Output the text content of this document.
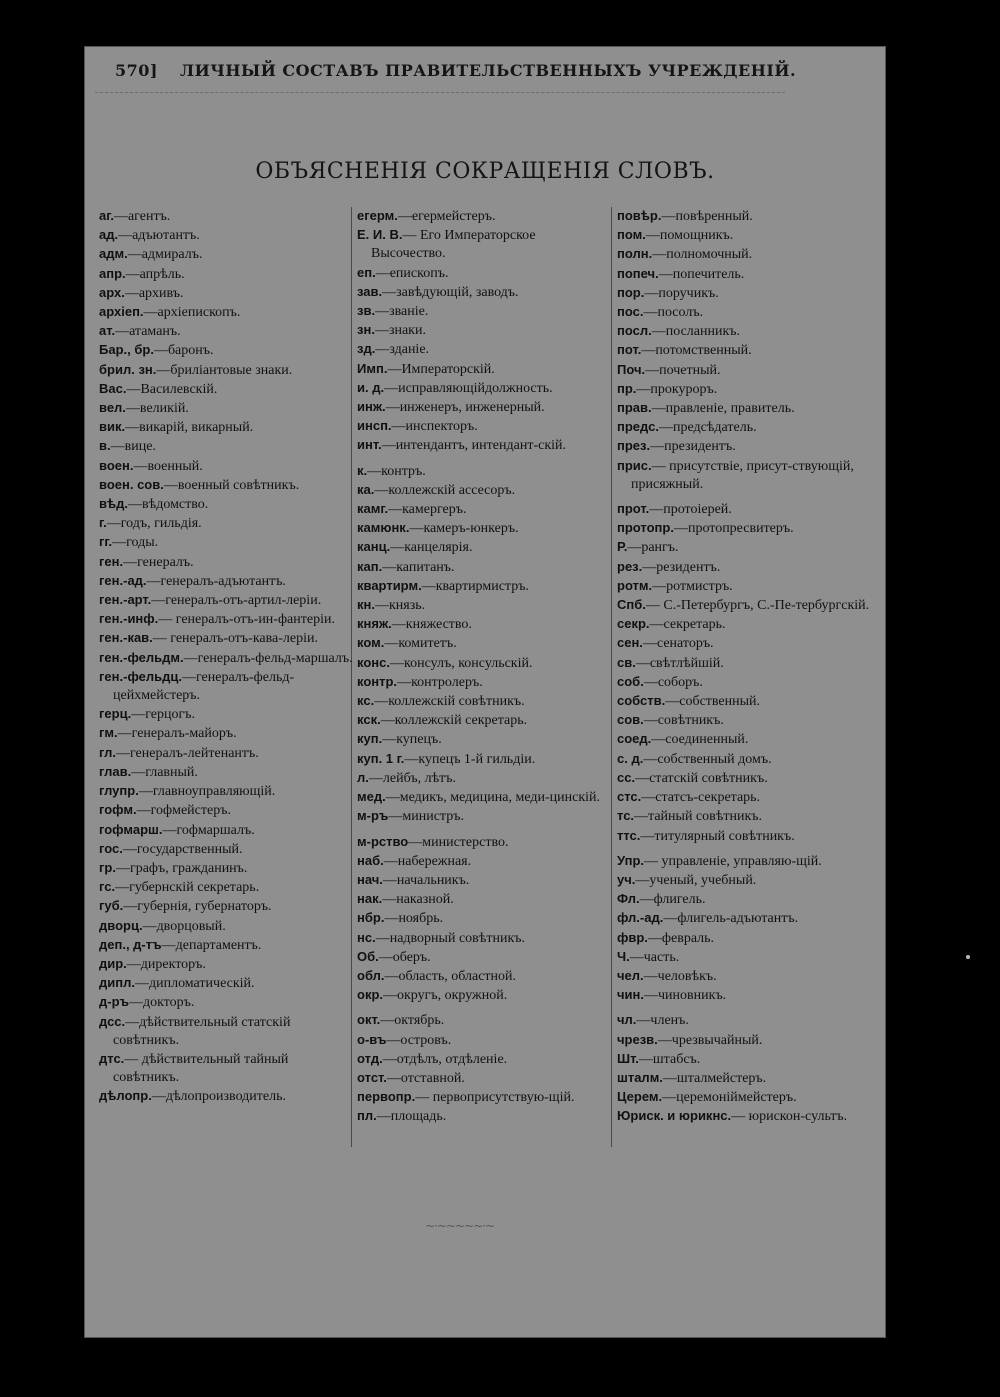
570] ЛИЧНЫЙ СОСТАВЪ ПРАВИТЕЛЬСТВЕННЫХЪ УЧРЕЖДЕНІЙ.
ОБЪЯСНЕНІЯ СОКРАЩЕНІЯ СЛОВЪ.
аг.—агентъ.
ад.—адъютантъ.
адм.—адмиралъ.
апр.—апрѣль.
арх.—архивъ.
архіеп.—архіепископъ.
ат.—атаманъ.
Бар., бр.—баронъ.
брил. зн.—бриліантовые знаки.
Вас.—Василевскій.
вел.—великій.
вик.—викарій, викарный.
в.—вице.
воен.—военный.
воен. сов.—военный совѣтникъ.
вѣд.—вѣдомство.
г.—годъ, гильдія.
гг.—годы.
ген.—генералъ.
ген.-ад.—генералъ-адъютантъ.
ген.-арт.—генералъ-отъ-артил-леріи.
ген.-инф.— генералъ-отъ-ин-фантеріи.
ген.-кав.— генералъ-отъ-кава-леріи.
ген.-фельдм.—генералъ-фельд-маршалъ.
ген.-фельдц.—генералъ-фельд-цейхмейстеръ.
герц.—герцогъ.
гм.—генералъ-майоръ.
гл.—генералъ-лейтенантъ.
глав.—главный.
глупр.—главноуправляющій.
гофм.—гофмейстеръ.
гофмарш.—гофмаршалъ.
гос.—государственный.
гр.—графъ, гражданинъ.
гс.—губернскій секретарь.
губ.—губернія, губернаторъ.
дворц.—дворцовый.
деп., д-тъ—департаментъ.
дир.—директоръ.
дипл.—дипломатическій.
д-ръ—докторъ.
дсс.—дѣйствительный статскій совѣтникъ.
дтс.— дѣйствительный тайный совѣтникъ.
дѣлопр.—дѣлопроизводитель.
егерм.—егермейстеръ.
Е. И. В.— Его Императорское Высочество.
еп.—епископъ.
зав.—завѣдующій, заводъ.
зв.—званіе.
зн.—знаки.
зд.—зданіе.
Имп.—Императорскій.
и. д.—исправляющійдолжность.
инж.—инженеръ, инженерный.
инсп.—инспекторъ.
инт.—интендантъ, интендант-скій.
к.—контръ.
ка.—коллежскій ассесоръ.
камг.—камергеръ.
камюнк.—камеръ-юнкеръ.
канц.—канцелярія.
кап.—капитанъ.
квартирм.—квартирмистръ.
кн.—князь.
княж.—княжество.
ком.—комитетъ.
конс.—консулъ, консульскій.
контр.—контролеръ.
кс.—коллежскій совѣтникъ.
кск.—коллежскій секретарь.
куп.—купецъ.
куп. 1 г.—купецъ 1-й гильдіи.
л.—лейбъ, лѣтъ.
мед.—медикъ, медицина, меди-цинскій.
м-ръ—министръ.
м-рство—министерство.
наб.—набережная.
нач.—начальникъ.
нак.—наказной.
нбр.—ноябрь.
нс.—надворный совѣтникъ.
Об.—оберъ.
обл.—область, областной.
окр.—округъ, окружной.
окт.—октябрь.
о-въ—островъ.
отд.—отдѣлъ, отдѣленіе.
отст.—отставной.
первопр.— первоприсутствую-щій.
пл.—площадь.
повѣр.—повѣренный.
пом.—помощникъ.
полн.—полномочный.
попеч.—попечитель.
пор.—поручикъ.
пос.—посолъ.
посл.—посланникъ.
пот.—потомственный.
Поч.—почетный.
пр.—прокуроръ.
прав.—правленіе, правитель.
предс.—предсѣдатель.
през.—президентъ.
прис.— присутствіе, присут-ствующій, присяжный.
прот.—протоіерей.
протопр.—протопресвитеръ.
Р.—рангъ.
рез.—резидентъ.
ротм.—ротмистръ.
Спб.— С.-Петербургъ, С.-Пе-тербургскій.
секр.—секретарь.
сен.—сенаторъ.
св.—свѣтлѣйшій.
соб.—соборъ.
собств.—собственный.
сов.—совѣтникъ.
соед.—соединенный.
с. д.—собственный домъ.
сс.—статскій совѣтникъ.
стс.—статсъ-секретарь.
тс.—тайный совѣтникъ.
ттс.—титулярный совѣтникъ.
Упр.— управленіе, управляю-щій.
уч.—ученый, учебный.
Фл.—флигель.
фл.-ад.—флигель-адъютантъ.
фвр.—февраль.
Ч.—часть.
чел.—человѣкъ.
чин.—чиновникъ.
чл.—членъ.
чрезв.—чрезвычайный.
Шт.—штабсъ.
шталм.—шталмейстеръ.
Церем.—церемоніймейстеръ.
Юриск. и юрикнс.— юрискон-сультъ.
~·~~~~~·~
